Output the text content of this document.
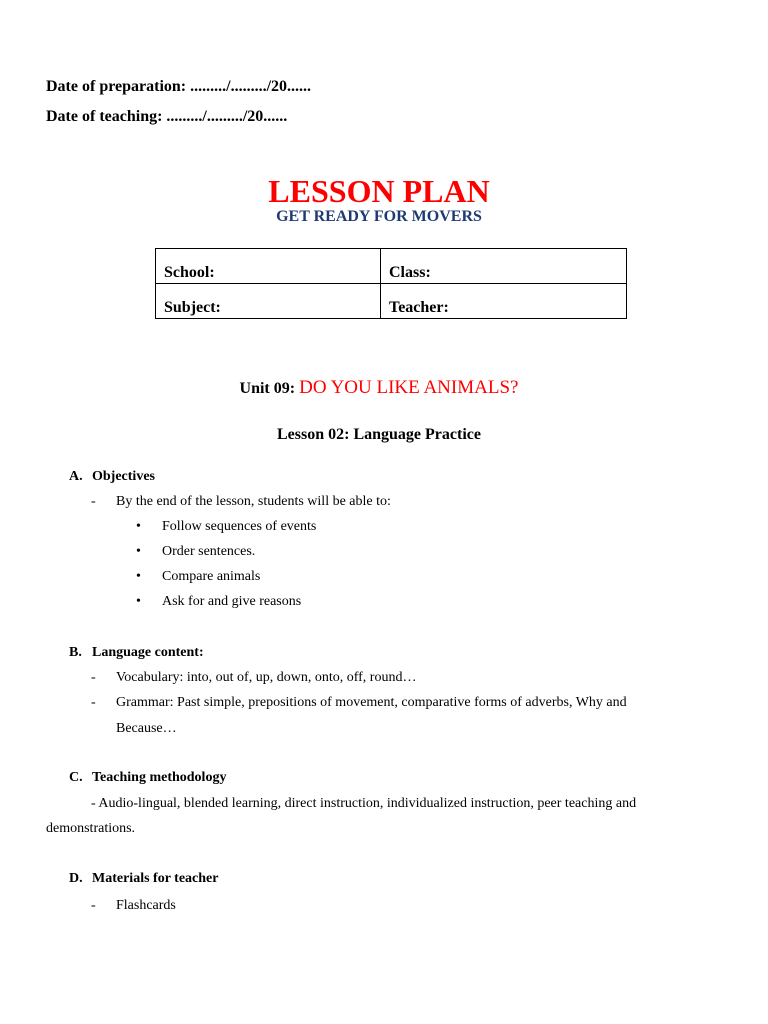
Date of preparation: ........./........./20......
Date of teaching: ........./........./20......
LESSON PLAN
GET READY FOR MOVERS
School:	Class:
Subject:	Teacher:
Unit 09: DO YOU LIKE ANIMALS?
Lesson 02: Language Practice
A. Objectives
- By the end of the lesson, students will be able to:
• Follow sequences of events
• Order sentences.
• Compare animals
• Ask for and give reasons
B. Language content:
- Vocabulary: into, out of, up, down, onto, off, round…
- Grammar: Past simple, prepositions of movement, comparative forms of adverbs, Why and
Because…
C. Teaching methodology
- Audio-lingual, blended learning, direct instruction, individualized instruction, peer teaching and
demonstrations.
D. Materials for teacher
- Flashcards
